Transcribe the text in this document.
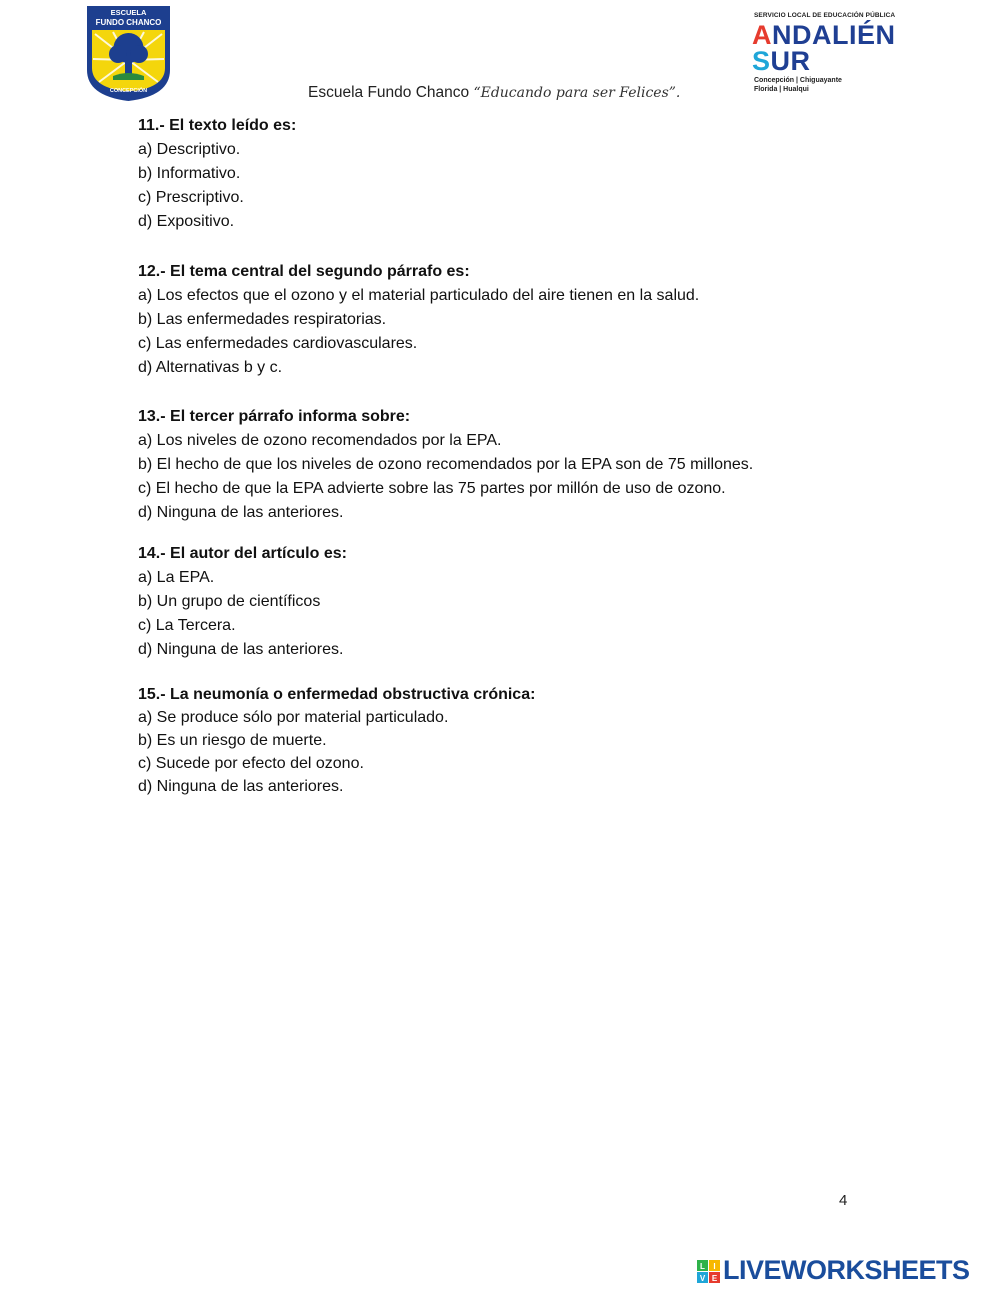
ESCUELA
FUNDO CHANCO
CONCEPCIÓN
SERVICIO LOCAL DE EDUCACIÓN PÚBLICA
ANDALIÉN
SUR
Concepción | Chiguayante
Florida | Hualqui
Escuela Fundo Chanco “Educando para ser Felices”.

11.- El texto leído es:

a) Descriptivo.

b) Informativo.

c) Prescriptivo.

d) Expositivo.

12.- El tema central del segundo párrafo es:

a) Los efectos que el ozono y el material particulado del aire tienen en la salud.

b) Las enfermedades respiratorias.

c) Las enfermedades cardiovasculares.

d) Alternativas b y c.

13.- El tercer párrafo informa sobre:

a) Los niveles de ozono recomendados por la EPA.

b) El hecho de que los niveles de ozono recomendados por la EPA son de 75 millones.

c) El hecho de que la EPA advierte sobre las 75 partes por millón de uso de ozono.

d) Ninguna de las anteriores.

14.- El autor del artículo es:

a) La EPA.

b) Un grupo de científicos

c) La Tercera.

d) Ninguna de las anteriores.

15.- La neumonía o enfermedad obstructiva crónica:

a) Se produce sólo por material particulado.

b) Es un riesgo de muerte.

c) Sucede por efecto del ozono.

d) Ninguna de las anteriores.

4
L I
V E LIVEWORKSHEETS
